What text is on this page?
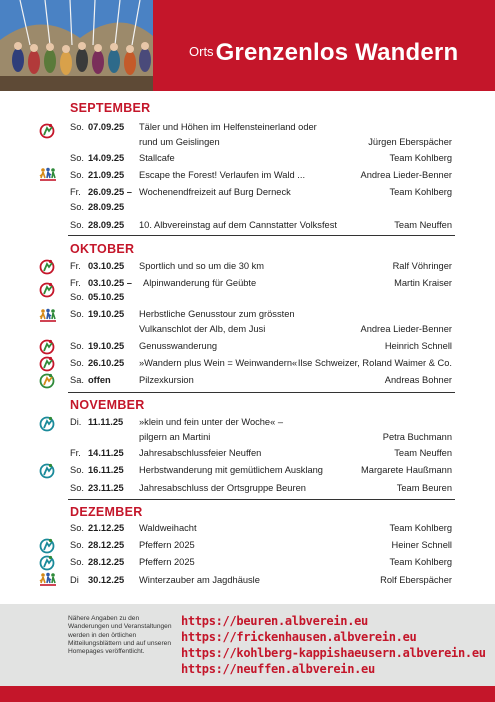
$^{Orts}$Grenzenlos Wandern
SEPTEMBER
So. 07.09.25 Täler und Höhen im Helfensteinerland oder
rund um Geislingen	Jürgen Eberspächer
So. 14.09.25 Stallcafe	Team Kohlberg
So. 21.09.25 Escape the Forest! Verlaufen im Wald ...	Andrea Lieder-Benner
Fr. 26.09.25 – Wochenendfreizeit auf Burg Derneck	Team Kohlberg
So. 28.09.25
So. 28.09.25 10. Albvereinstag auf dem Cannstatter Volksfest	Team Neuffen
OKTOBER
Fr. 03.10.25 Sportlich und so um die 30 km	Ralf Vöhringer
Fr. 03.10.25 – Alpinwanderung für Geübte	Martin Kraiser
So. 05.10.25
So. 19.10.25 Herbstliche Genusstour zum grössten
Vulkanschlot der Alb, dem Jusi	Andrea Lieder-Benner
So. 19.10.25 Genusswanderung	Heinrich Schnell
So. 26.10.25 »Wandern plus Wein = Weinwandern« Ilse Schweizer, Roland Waimer & Co.
Sa. offen	Pilzexkursion	Andreas Bohner
NOVEMBER
Di. 11.11.25 »klein und fein unter der Woche« –
pilgern an Martini	Petra Buchmann
Fr. 14.11.25 Jahresabschlussfeier Neuffen	Team Neuffen
So. 16.11.25 Herbstwanderung mit gemütlichem Ausklang	Margarete Haußmann
So. 23.11.25 Jahresabschluss der Ortsgruppe Beuren	Team Beuren
DEZEMBER
So. 21.12.25 Waldweihacht	Team Kohlberg
So. 28.12.25 Pfeffern 2025	Heiner Schnell
So. 28.12.25 Pfeffern 2025	Team Kohlberg
Di 30.12.25 Winterzauber am Jagdhäusle	Rolf Eberspächer
Nähere Angaben zu den Wanderungen und Veranstaltungen werden in den örtlichen Mitteilungsblättern und auf unseren Homepages veröffentlicht.
https://beuren.albverein.eu
https://frickenhausen.albverein.eu
https://kohlberg-kappishaeusern.albverein.eu
https://neuffen.albverein.eu
